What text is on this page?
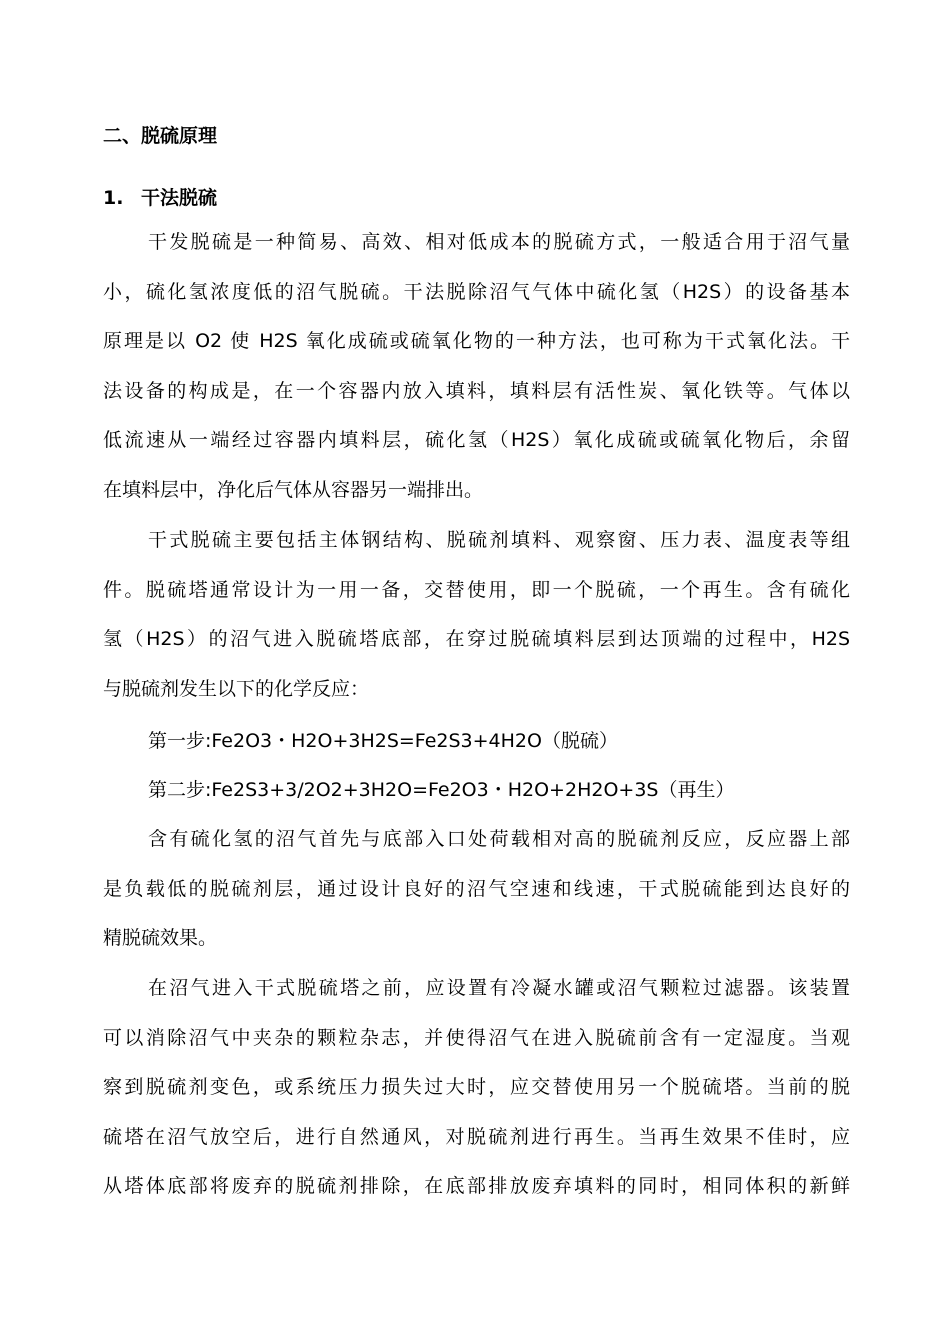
二、脱硫原理
1. 干法脱硫
干发脱硫是一种简易、高效、相对低成本的脱硫方式，一般适合用于沼气量
小，硫化氢浓度低的沼气脱硫。干法脱除沼气气体中硫化氢（H2S）的设备基本
原理是以 O2 使 H2S 氧化成硫或硫氧化物的一种方法，也可称为干式氧化法。干
法设备的构成是，在一个容器内放入填料，填料层有活性炭、氧化铁等。气体以
低流速从一端经过容器内填料层，硫化氢（H2S）氧化成硫或硫氧化物后，余留
在填料层中，净化后气体从容器另一端排出。
干式脱硫主要包括主体钢结构、脱硫剂填料、观察窗、压力表、温度表等组
件。脱硫塔通常设计为一用一备，交替使用，即一个脱硫，一个再生。含有硫化
氢（H2S）的沼气进入脱硫塔底部，在穿过脱硫填料层到达顶端的过程中，H2S
与脱硫剂发生以下的化学反应：
第一步:Fe2O3・H2O+3H2S=Fe2S3+4H2O（脱硫）
第二步:Fe2S3+3/2O2+3H2O=Fe2O3・H2O+2H2O+3S（再生）
含有硫化氢的沼气首先与底部入口处荷载相对高的脱硫剂反应，反应器上部
是负载低的脱硫剂层，通过设计良好的沼气空速和线速，干式脱硫能到达良好的
精脱硫效果。
在沼气进入干式脱硫塔之前，应设置有冷凝水罐或沼气颗粒过滤器。该装置
可以消除沼气中夹杂的颗粒杂志，并使得沼气在进入脱硫前含有一定湿度。当观
察到脱硫剂变色，或系统压力损失过大时，应交替使用另一个脱硫塔。当前的脱
硫塔在沼气放空后，进行自然通风，对脱硫剂进行再生。当再生效果不佳时，应
从塔体底部将废弃的脱硫剂排除，在底部排放废弃填料的同时，相同体积的新鲜
